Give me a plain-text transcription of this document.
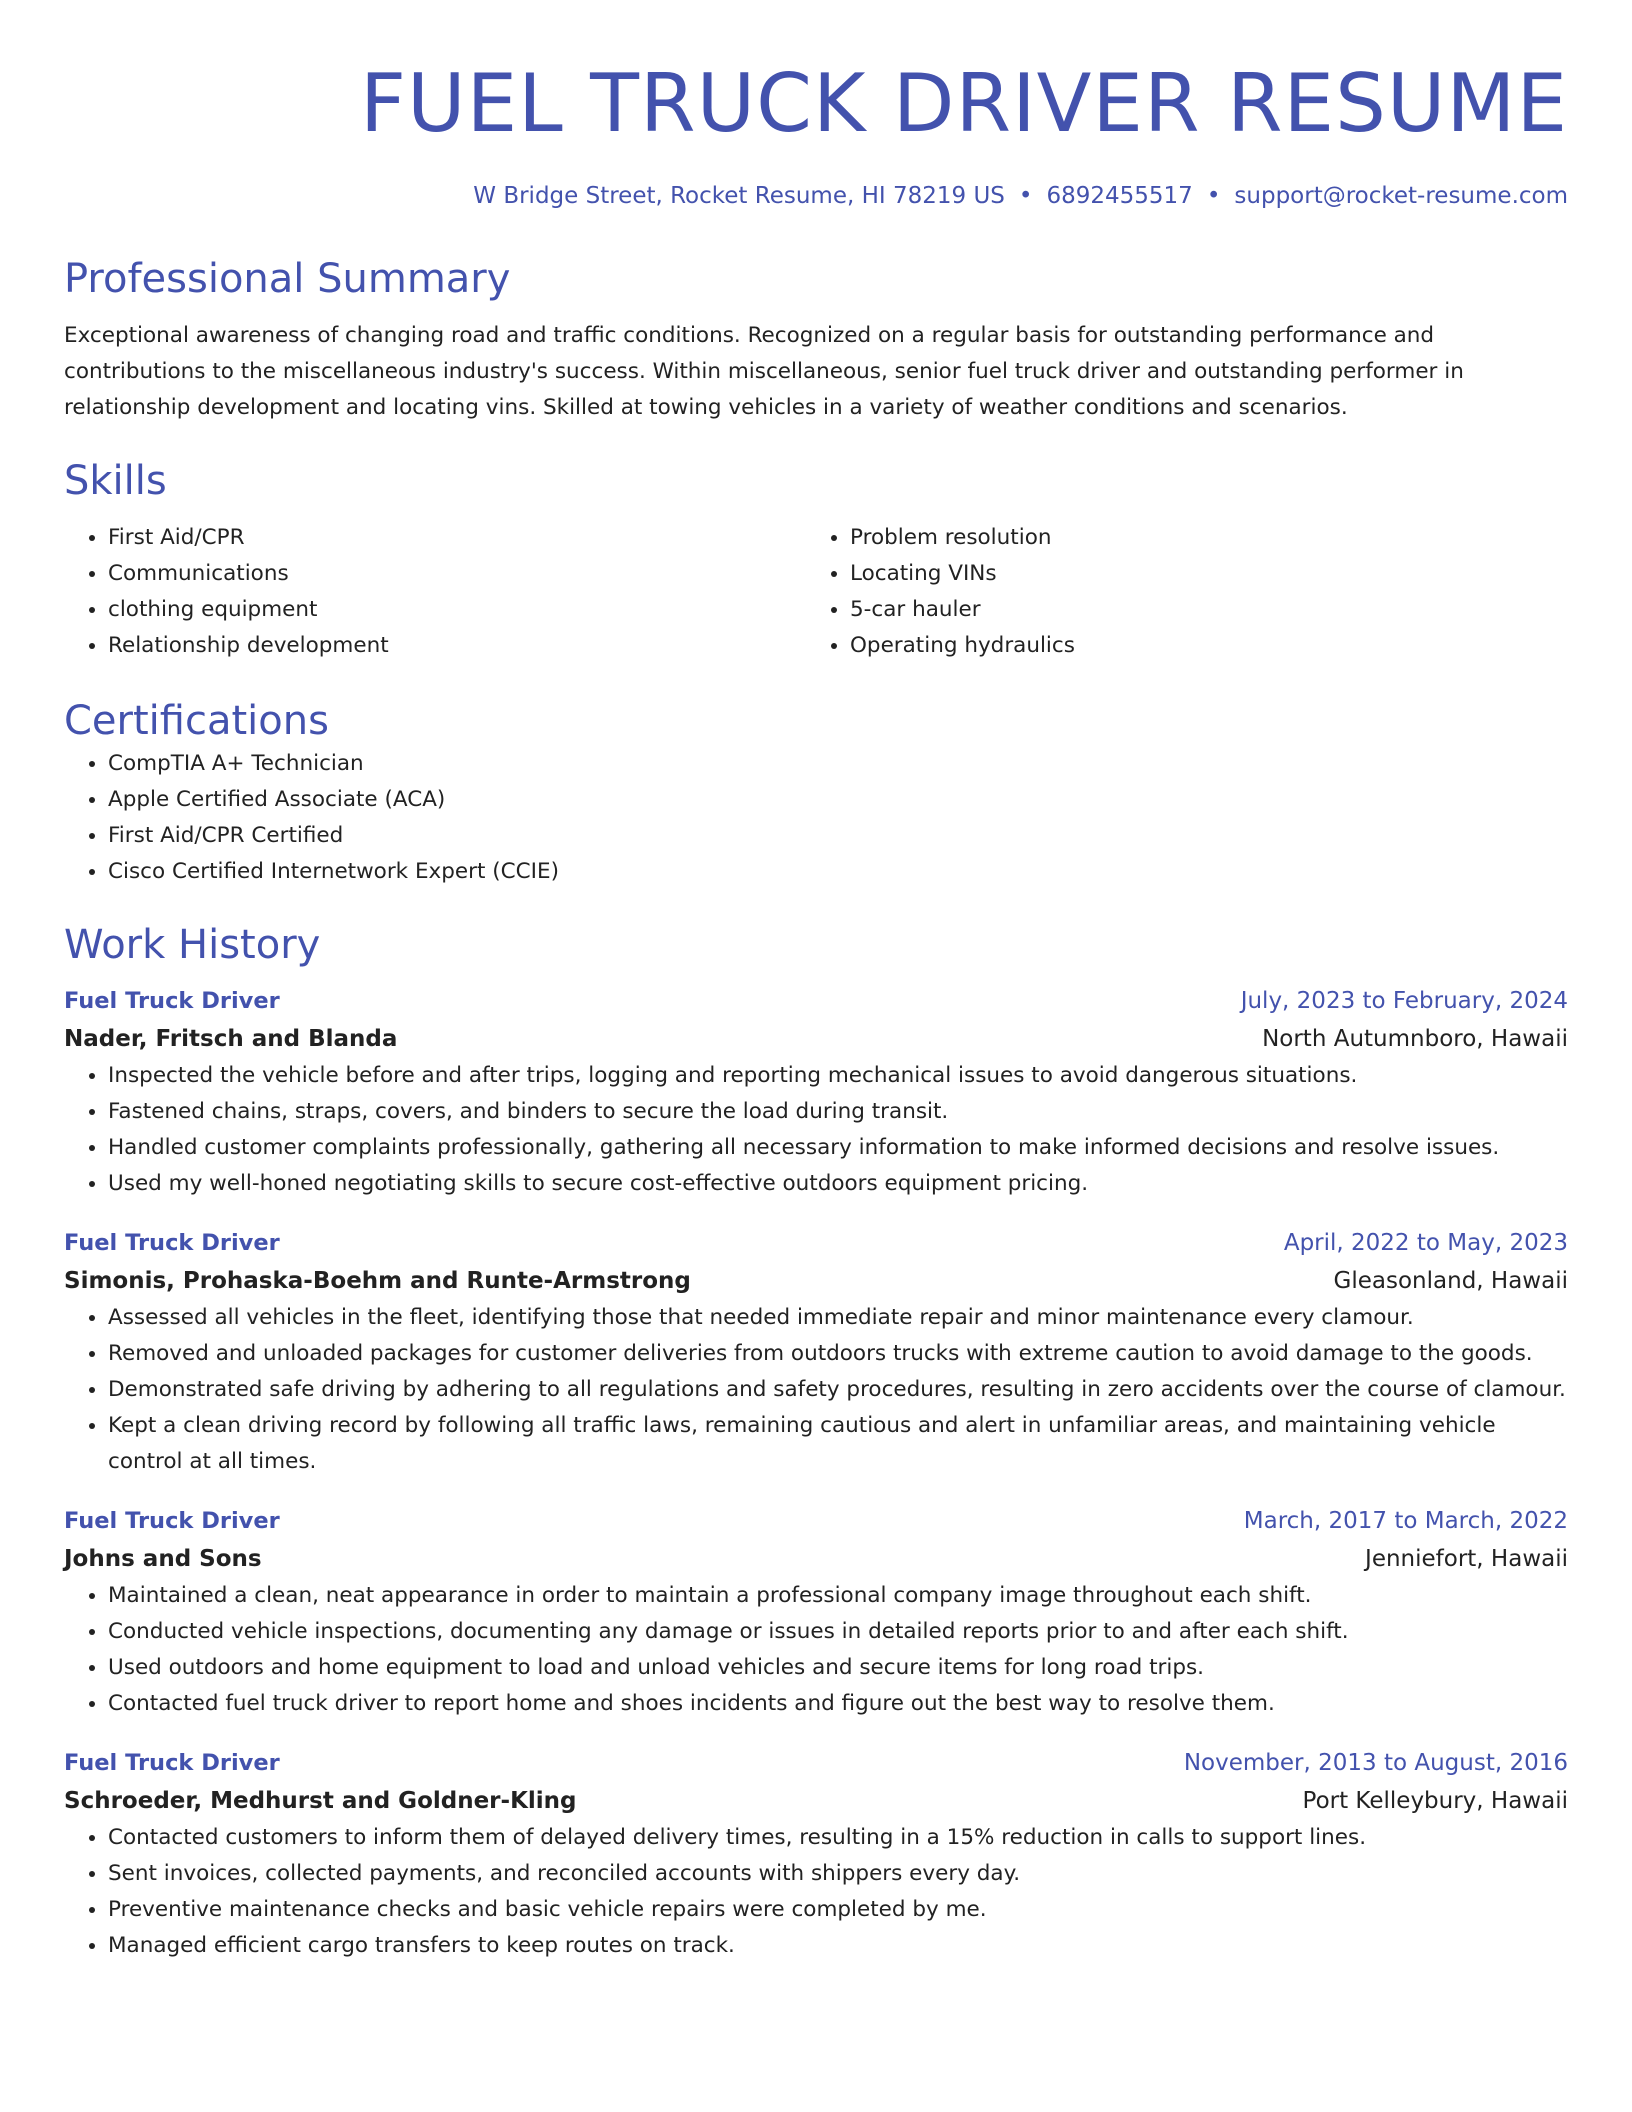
FUEL TRUCK DRIVER RESUME
W Bridge Street, Rocket Resume, HI 78219 US • 6892455517 • support@rocket-resume.com
Professional Summary

Exceptional awareness of changing road and traffic conditions. Recognized on a regular basis for outstanding performance and contributions to the miscellaneous industry's success. Within miscellaneous, senior fuel truck driver and outstanding performer in relationship development and locating vins. Skilled at towing vehicles in a variety of weather conditions and scenarios.

Skills
• First Aid/CPR
• Communications
• clothing equipment
• Relationship development
• Problem resolution
• Locating VINs
• 5-car hauler
• Operating hydraulics
Certifications
• CompTIA A+ Technician
• Apple Certified Associate (ACA)
• First Aid/CPR Certified
• Cisco Certified Internetwork Expert (CCIE)
Work History
Fuel Truck Driver	July, 2023 to February, 2024
Nader, Fritsch and Blanda	North Autumnboro, Hawaii
• Inspected the vehicle before and after trips, logging and reporting mechanical issues to avoid dangerous situations.
• Fastened chains, straps, covers, and binders to secure the load during transit.
• Handled customer complaints professionally, gathering all necessary information to make informed decisions and resolve issues.
• Used my well-honed negotiating skills to secure cost-effective outdoors equipment pricing.
Fuel Truck Driver	April, 2022 to May, 2023
Simonis, Prohaska-Boehm and Runte-Armstrong	Gleasonland, Hawaii
• Assessed all vehicles in the fleet, identifying those that needed immediate repair and minor maintenance every clamour.
• Removed and unloaded packages for customer deliveries from outdoors trucks with extreme caution to avoid damage to the goods.
• Demonstrated safe driving by adhering to all regulations and safety procedures, resulting in zero accidents over the course of clamour.
• Kept a clean driving record by following all traffic laws, remaining cautious and alert in unfamiliar areas, and maintaining vehicle control at all times.
Fuel Truck Driver	March, 2017 to March, 2022
Johns and Sons	Jenniefort, Hawaii
• Maintained a clean, neat appearance in order to maintain a professional company image throughout each shift.
• Conducted vehicle inspections, documenting any damage or issues in detailed reports prior to and after each shift.
• Used outdoors and home equipment to load and unload vehicles and secure items for long road trips.
• Contacted fuel truck driver to report home and shoes incidents and figure out the best way to resolve them.
Fuel Truck Driver	November, 2013 to August, 2016
Schroeder, Medhurst and Goldner-Kling	Port Kelleybury, Hawaii
• Contacted customers to inform them of delayed delivery times, resulting in a 15% reduction in calls to support lines.
• Sent invoices, collected payments, and reconciled accounts with shippers every day.
• Preventive maintenance checks and basic vehicle repairs were completed by me.
• Managed efficient cargo transfers to keep routes on track.
